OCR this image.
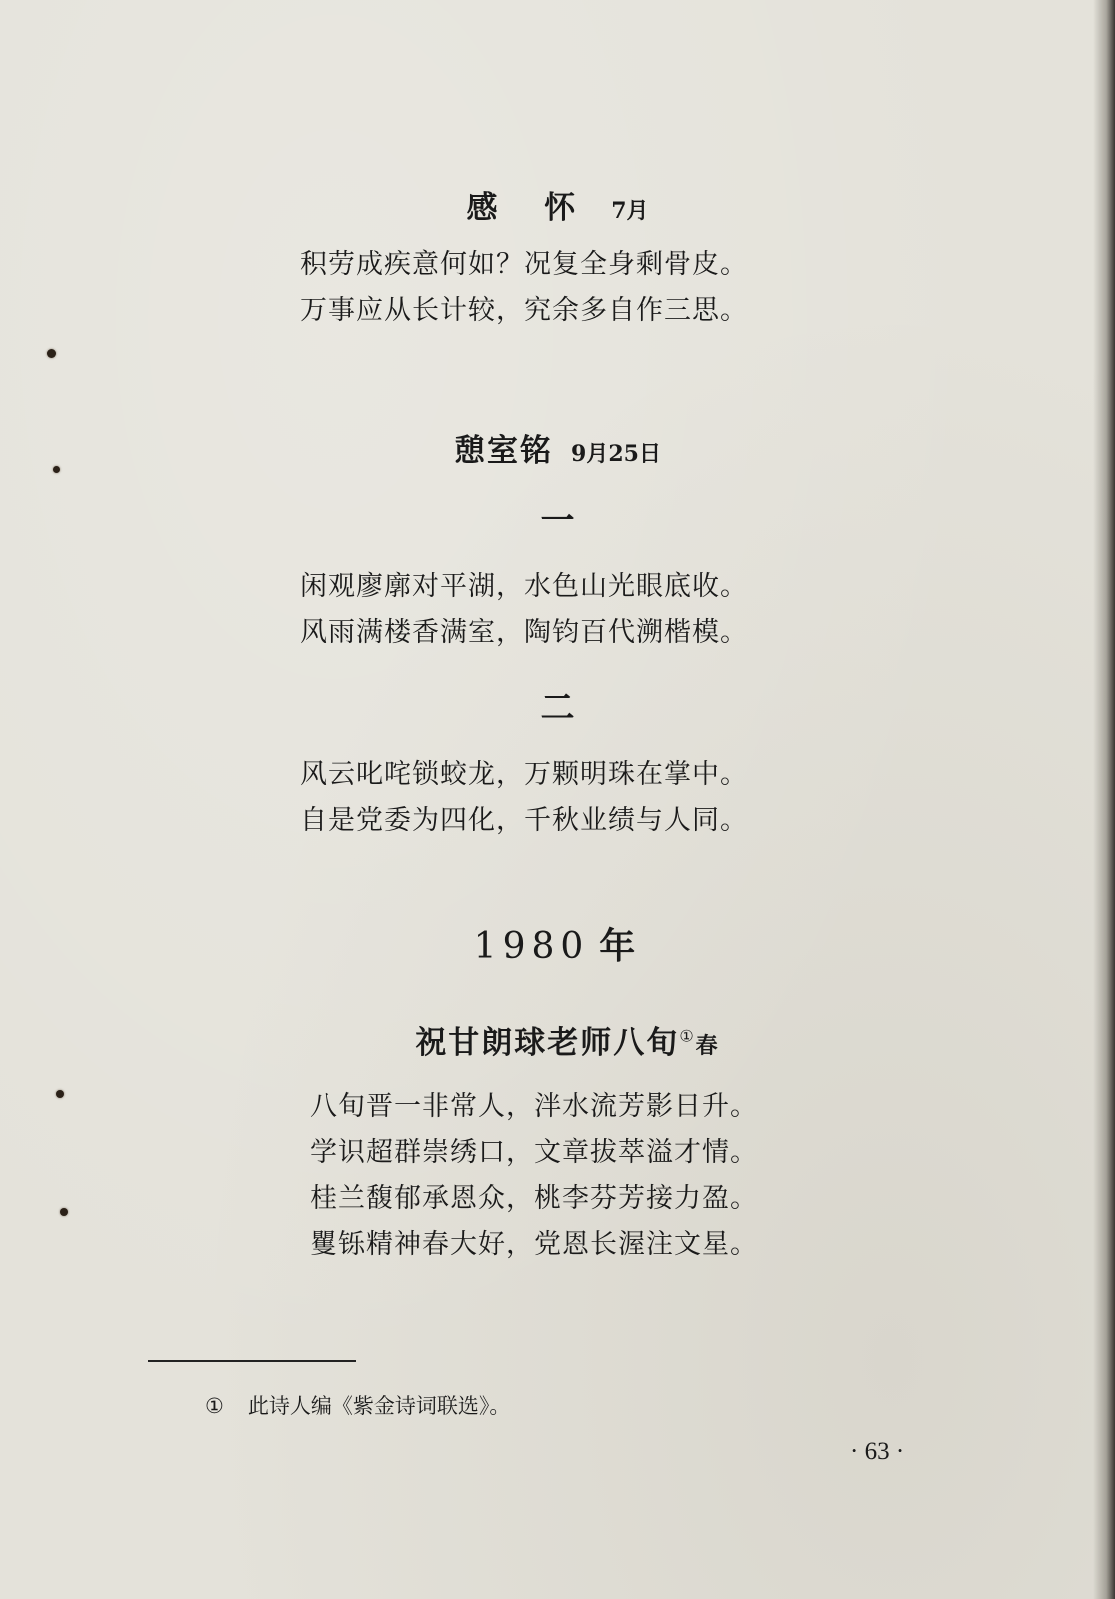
感 怀 7月

积劳成疾意何如？况复全身剩骨皮。

万事应从长计较，究余多自作三思。

憩室铭 9月25日
一

闲观廖廓对平湖，水色山光眼底收。

风雨满楼香满室，陶钧百代溯楷模。

二

风云叱咤锁蛟龙，万颗明珠在掌中。

自是党委为四化，千秋业绩与人同。

1980 年
祝甘朗球老师八旬①春

八旬晋一非常人，泮水流芳影日升。

学识超群崇绣口，文章拔萃溢才情。

桂兰馥郁承恩众，桃李芬芳接力盈。

矍铄精神春大好，党恩长渥注文星。

① 此诗人编《紫金诗词联选》。
· 63 ·
